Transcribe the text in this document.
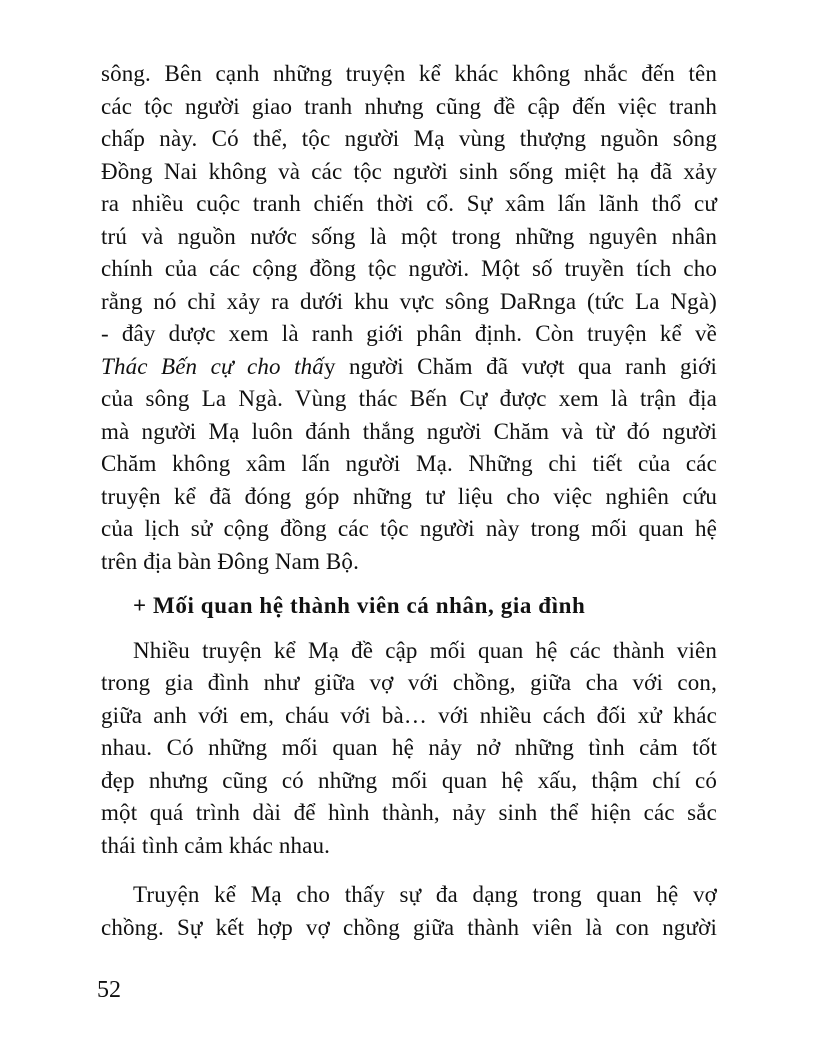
sông. Bên cạnh những truyện kể khác không nhắc đến tên
các tộc người giao tranh nhưng cũng đề cập đến việc tranh
chấp này. Có thể, tộc người Mạ vùng thượng nguồn sông
Đồng Nai không và các tộc người sinh sống miệt hạ đã xảy
ra nhiều cuộc tranh chiến thời cổ. Sự xâm lấn lãnh thổ cư
trú và nguồn nước sống là một trong những nguyên nhân
chính của các cộng đồng tộc người. Một số truyền tích cho
rằng nó chỉ xảy ra dưới khu vực sông DaRnga (tức La Ngà)
- đây dược xem là ranh giới phân định. Còn truyện kể về
Thác Bến cự cho thấy người Chăm đã vượt qua ranh giới
của sông La Ngà. Vùng thác Bến Cự được xem là trận địa
mà người Mạ luôn đánh thắng người Chăm và từ đó người
Chăm không xâm lấn người Mạ. Những chi tiết của các
truyện kể đã đóng góp những tư liệu cho việc nghiên cứu
của lịch sử cộng đồng các tộc người này trong mối quan hệ
trên địa bàn Đông Nam Bộ.
+ Mối quan hệ thành viên cá nhân, gia đình
Nhiều truyện kể Mạ đề cập mối quan hệ các thành viên
trong gia đình như giữa vợ với chồng, giữa cha với con,
giữa anh với em, cháu với bà… với nhiều cách đối xử khác
nhau. Có những mối quan hệ nảy nở những tình cảm tốt
đẹp nhưng cũng có những mối quan hệ xấu, thậm chí có
một quá trình dài để hình thành, nảy sinh thể hiện các sắc
thái tình cảm khác nhau.
Truyện kể Mạ cho thấy sự đa dạng trong quan hệ vợ
chồng. Sự kết hợp vợ chồng giữa thành viên là con người
52
